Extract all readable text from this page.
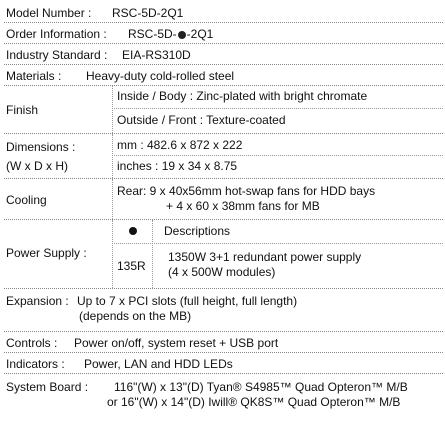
Model Number : RSC-5D-2Q1
Order Information : RSC-5D- -2Q1
Industry Standard : EIA-RS310D
Materials : Heavy-duty cold-rolled steel
Finish
Inside / Body : Zinc-plated with bright chromate
Outside / Front : Texture-coated
Dimensions :
(W x D x H)
mm : 482.6 x 872 x 222
inches : 19 x 34 x 8.75
Cooling
Rear: 9 x 40x56mm hot-swap fans for HDD bays
+ 4 x 60 x 38mm fans for MB
Power Supply :
Descriptions
135R
1350W 3+1 redundant power supply
(4 x 500W modules)
Expansion : Up to 7 x PCI slots (full height, full length)
(depends on the MB)
Controls : Power on/off, system reset + USB port
Indicators : Power, LAN and HDD LEDs
System Board : 116"(W) x 13"(D) Tyan® S4985™ Quad Opteron™ M/B
or 16"(W) x 14"(D) Iwill® QK8S™ Quad Opteron™ M/B
